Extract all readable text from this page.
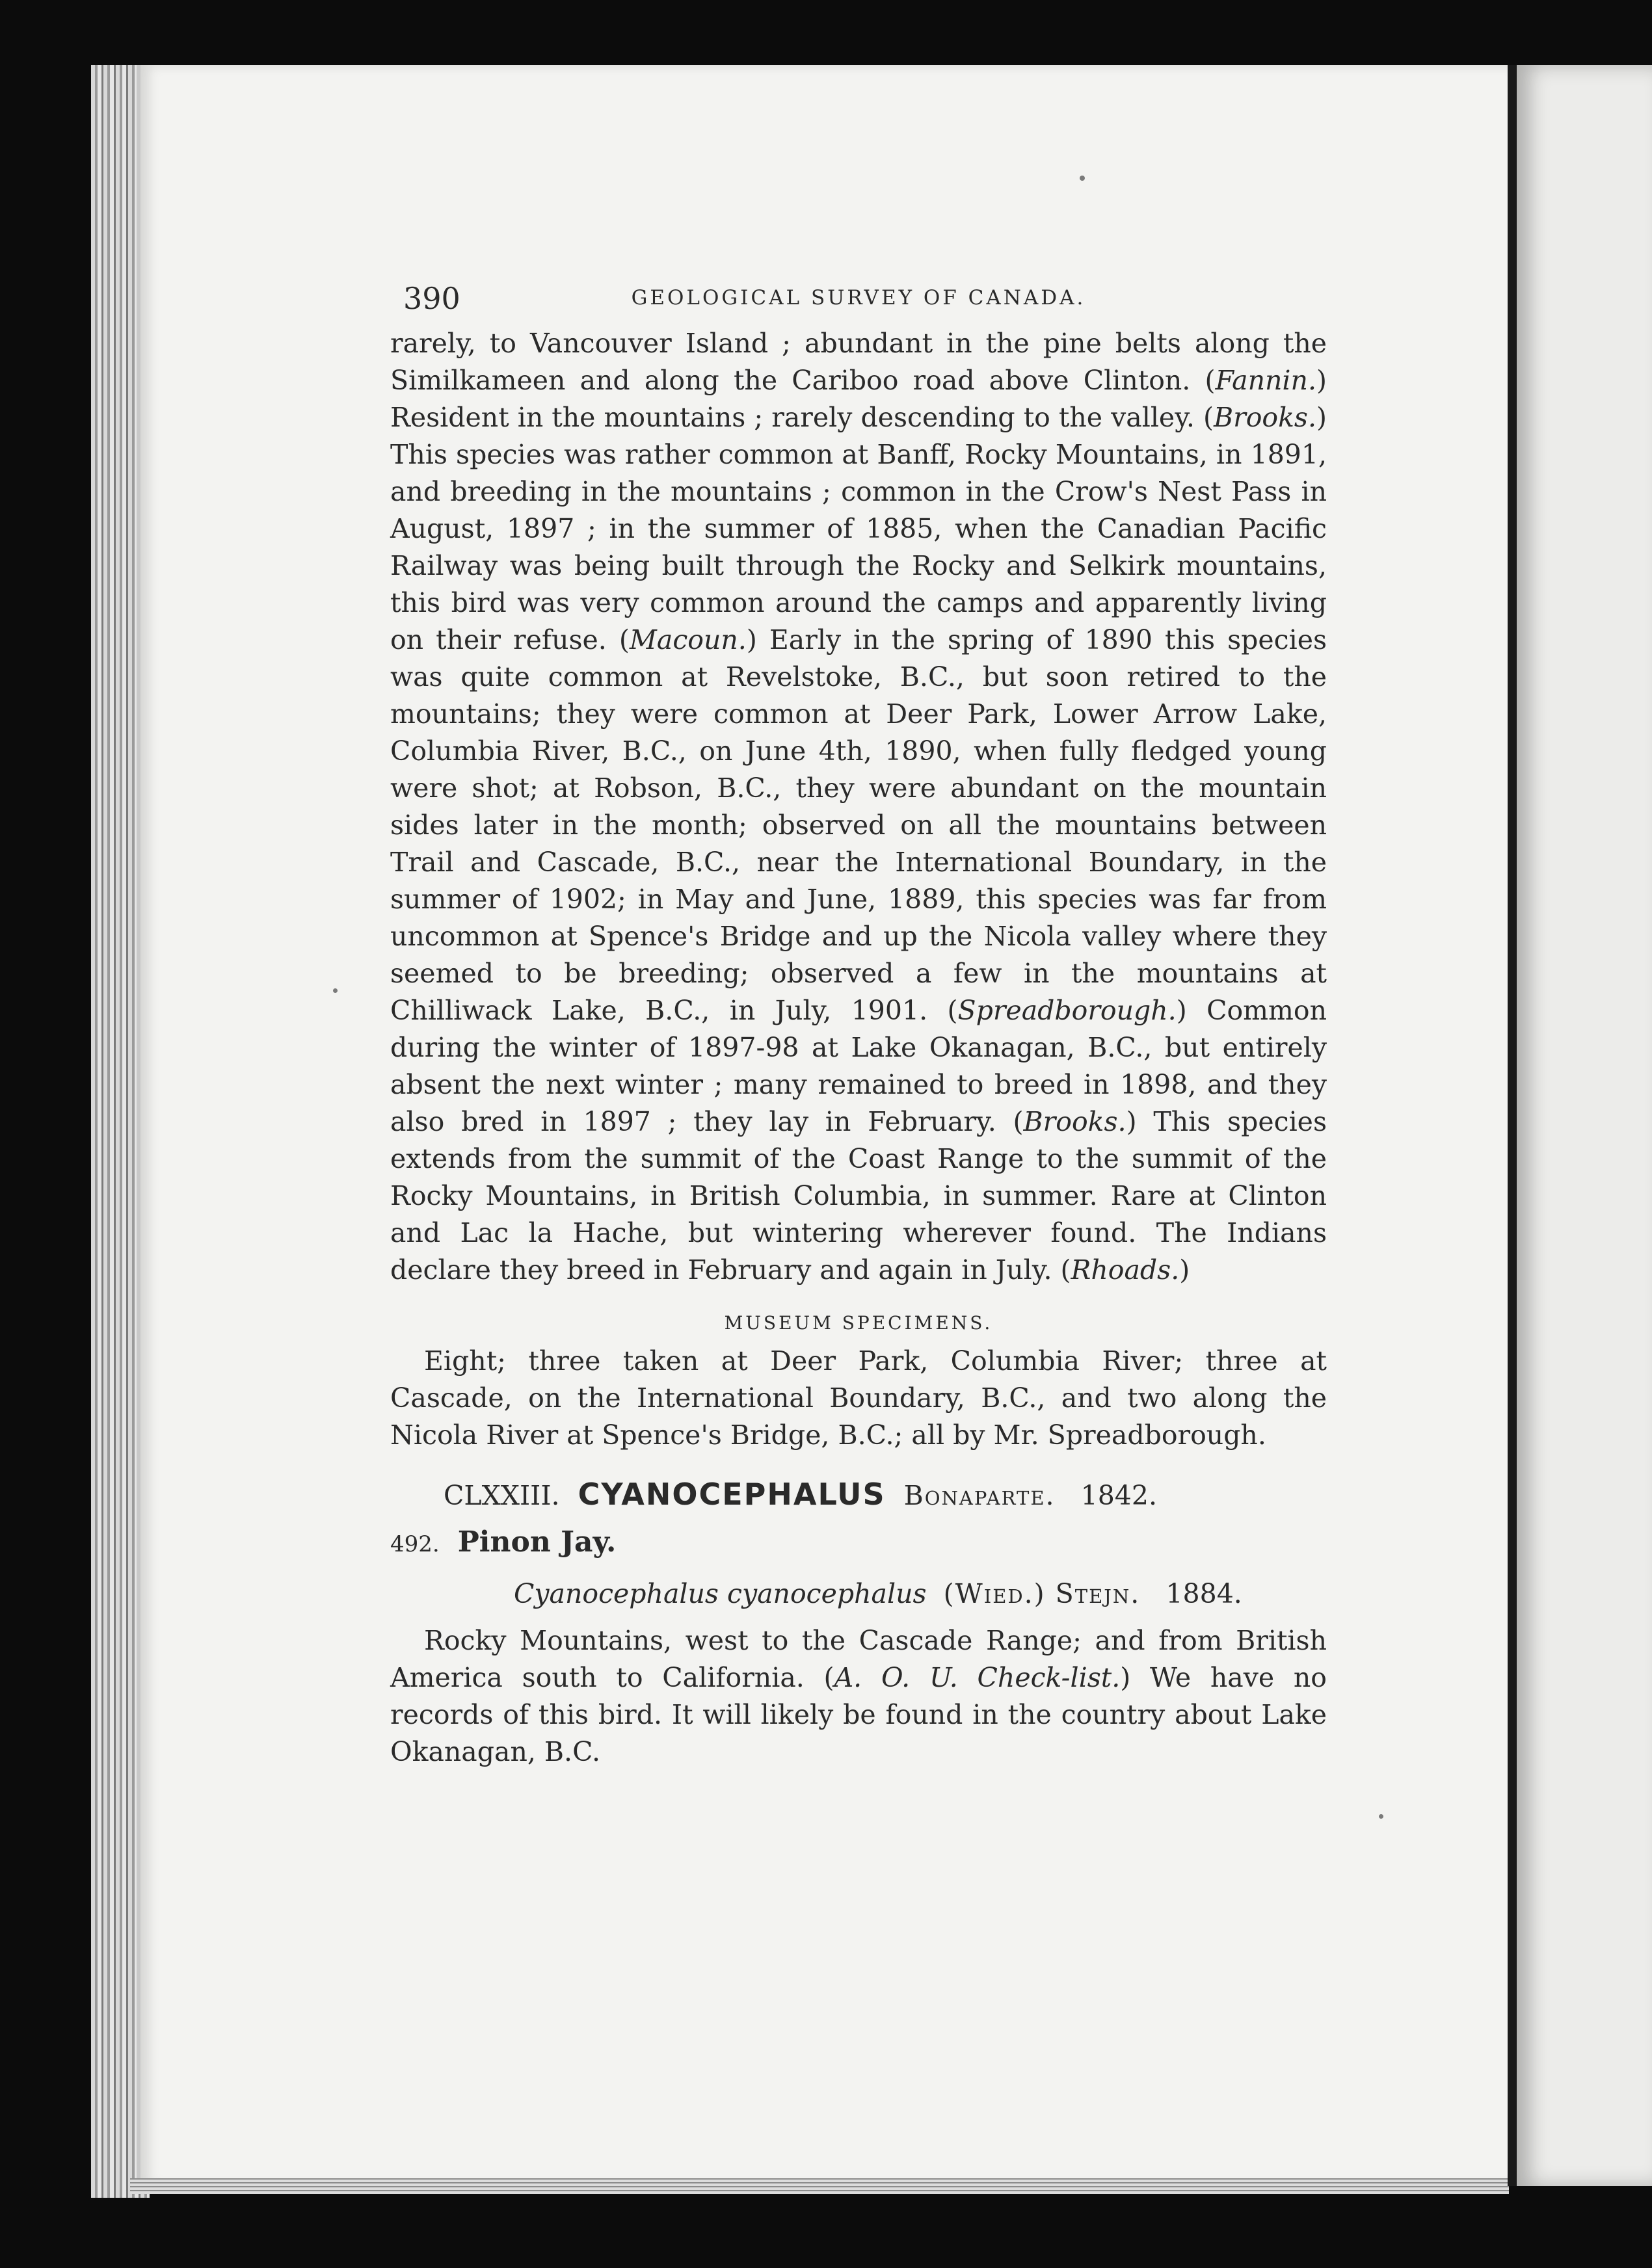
390	GEOLOGICAL SURVEY OF CANADA.

rarely, to Vancouver Island ; abundant in the pine belts along the Similkameen and along the Cariboo road above Clinton. (Fannin.) Resident in the mountains ; rarely descending to the valley. (Brooks.) This species was rather common at Banff, Rocky Mountains, in 1891, and breeding in the mountains ; common in the Crow's Nest Pass in August, 1897 ; in the summer of 1885, when the Canadian Pacific Railway was being built through the Rocky and Selkirk mountains, this bird was very common around the camps and apparently living on their refuse. (Macoun.) Early in the spring of 1890 this species was quite common at Revelstoke, B.C., but soon retired to the mountains; they were common at Deer Park, Lower Arrow Lake, Columbia River, B.C., on June 4th, 1890, when fully fledged young were shot; at Robson, B.C., they were abundant on the mountain sides later in the month; observed on all the mountains between Trail and Cascade, B.C., near the International Boundary, in the summer of 1902; in May and June, 1889, this species was far from uncommon at Spence's Bridge and up the Nicola valley where they seemed to be breeding; observed a few in the mountains at Chilliwack Lake, B.C., in July, 1901. (Spreadborough.) Common during the winter of 1897-98 at Lake Okanagan, B.C., but entirely absent the next winter ; many remained to breed in 1898, and they also bred in 1897 ; they lay in February. (Brooks.) This species extends from the summit of the Coast Range to the summit of the Rocky Mountains, in British Columbia, in summer. Rare at Clinton and Lac la Hache, but wintering wherever found. The Indians declare they breed in February and again in July. (Rhoads.)

MUSEUM SPECIMENS.

Eight; three taken at Deer Park, Columbia River; three at Cascade, on the International Boundary, B.C., and two along the Nicola River at Spence's Bridge, B.C.; all by Mr. Spreadborough.

CLXXIII. CYANOCEPHALUS Bonaparte. 1842.

492. Pinon Jay.

Cyanocephalus cyanocephalus (Wied.) Stejn. 1884.

Rocky Mountains, west to the Cascade Range; and from British America south to California. (A. O. U. Check-list.) We have no records of this bird. It will likely be found in the country about Lake Okanagan, B.C.
